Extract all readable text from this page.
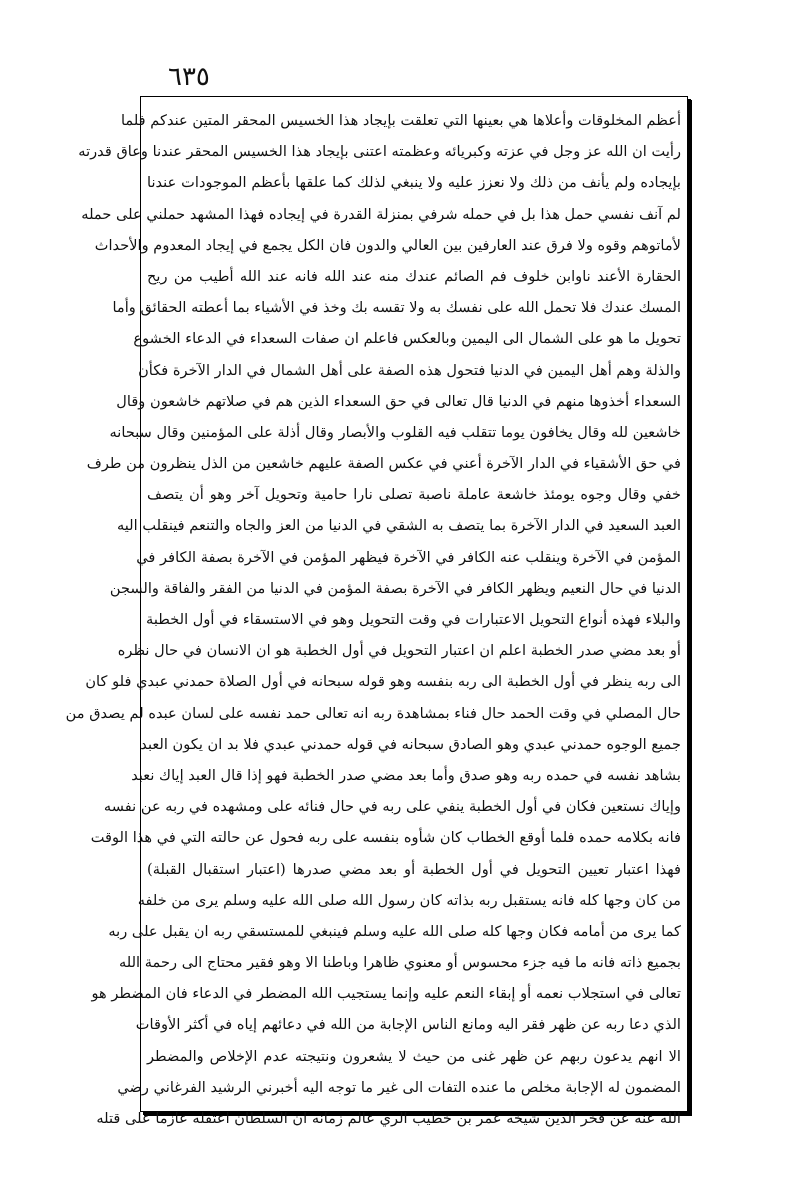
٦٣٥
أعظم المخلوقات وأعلاها هي بعينها التي تعلقت بإيجاد هذا الخسيس المحقر المتين عندكم فلما
رأيت ان الله عز وجل في عزته وكبريائه وعظمته اعتنى بإيجاد هذا الخسيس المحقر عندنا وعاق قدرته
بإيجاده ولم يأنف من ذلك ولا نعزز عليه ولا ينبغي لذلك كما علقها بأعظم الموجودات عندنا
لم آنف نفسي حمل هذا بل في حمله شرفي بمنزلة القدرة في إيجاده فهذا المشهد حملني على حمله
لأماتوهم وقوه ولا فرق عند العارفين بين العالي والدون فان الكل يجمع في إيجاد المعدوم والأحداث
الحقارة الأعند ناوابن خلوف فم الصائم عندك منه عند الله فانه عند الله أطيب من ريح
المسك عندك فلا تحمل الله على نفسك به ولا تقسه بك وخذ في الأشياء بما أعطته الحقائق وأما
تحويل ما هو على الشمال الى اليمين وبالعكس فاعلم ان صفات السعداء في الدعاء الخشوع
والذلة وهم أهل اليمين في الدنيا فتحول هذه الصفة على أهل الشمال في الدار الآخرة فكأن
السعداء أخذوها منهم في الدنيا قال تعالى في حق السعداء الذين هم في صلاتهم خاشعون وقال
خاشعين لله وقال يخافون يوما تتقلب فيه القلوب والأبصار وقال أذلة على المؤمنين وقال سبحانه
في حق الأشقياء في الدار الآخرة أعني في عكس الصفة عليهم خاشعين من الذل ينظرون من طرف
خفي وقال وجوه يومئذ خاشعة عاملة ناصبة تصلى نارا حامية وتحويل آخر وهو أن يتصف
العبد السعيد في الدار الآخرة بما يتصف به الشقي في الدنيا من العز والجاه والتنعم فينقلب اليه
المؤمن في الآخرة وينقلب عنه الكافر في الآخرة فيظهر المؤمن في الآخرة بصفة الكافر في
الدنيا في حال النعيم ويظهر الكافر في الآخرة بصفة المؤمن في الدنيا من الفقر والفاقة والسجن
والبلاء فهذه أنواع التحويل الاعتبارات في وقت التحويل وهو في الاستسقاء في أول الخطبة
أو بعد مضي صدر الخطبة اعلم ان اعتبار التحويل في أول الخطبة هو ان الانسان في حال نظره
الى ربه ينظر في أول الخطبة الى ربه بنفسه وهو قوله سبحانه في أول الصلاة حمدني عبدي فلو كان
حال المصلي في وقت الحمد حال فناء بمشاهدة ربه انه تعالى حمد نفسه على لسان عبده لم يصدق من
جميع الوجوه حمدني عبدي وهو الصادق سبحانه في قوله حمدني عبدي فلا بد ان يكون العبد
بشاهد نفسه في حمده ربه وهو صدق وأما بعد مضي صدر الخطبة فهو إذا قال العبد إياك نعبد
وإياك نستعين فكان في أول الخطبة ينفي على ربه في حال فنائه على ومشهده في ربه عن نفسه
فانه بكلامه حمده فلما أوقع الخطاب كان شأوه بنفسه على ربه فحول عن حالته التي في هذا الوقت
فهذا اعتبار تعيين التحويل في أول الخطبة أو بعد مضي صدرها (اعتبار استقبال القبلة)
من كان وجها كله فانه يستقبل ربه بذاته كان رسول الله صلى الله عليه وسلم يرى من خلفه
كما يرى من أمامه فكان وجها كله صلى الله عليه وسلم فينبغي للمستسقي ربه ان يقبل على ربه
بجميع ذاته فانه ما فيه جزء محسوس أو معنوي ظاهرا وباطنا الا وهو فقير محتاج الى رحمة الله
تعالى في استجلاب نعمه أو إبقاء النعم عليه وإنما يستجيب الله المضطر في الدعاء فان المضطر هو
الذي دعا ربه عن ظهر فقر اليه ومانع الناس الإجابة من الله في دعائهم إياه في أكثر الأوقات
الا انهم يدعون ربهم عن ظهر غنى من حيث لا يشعرون ونتيجته عدم الإخلاص والمضطر
المضمون له الإجابة مخلص ما عنده التفات الى غير ما توجه اليه أخبرني الرشيد الفرغاني رضي
الله عنه عن فخر الدين شيخه عمر بن خطيب الري عالم زمانه ان السلطان اعتقله عازما على قتله
